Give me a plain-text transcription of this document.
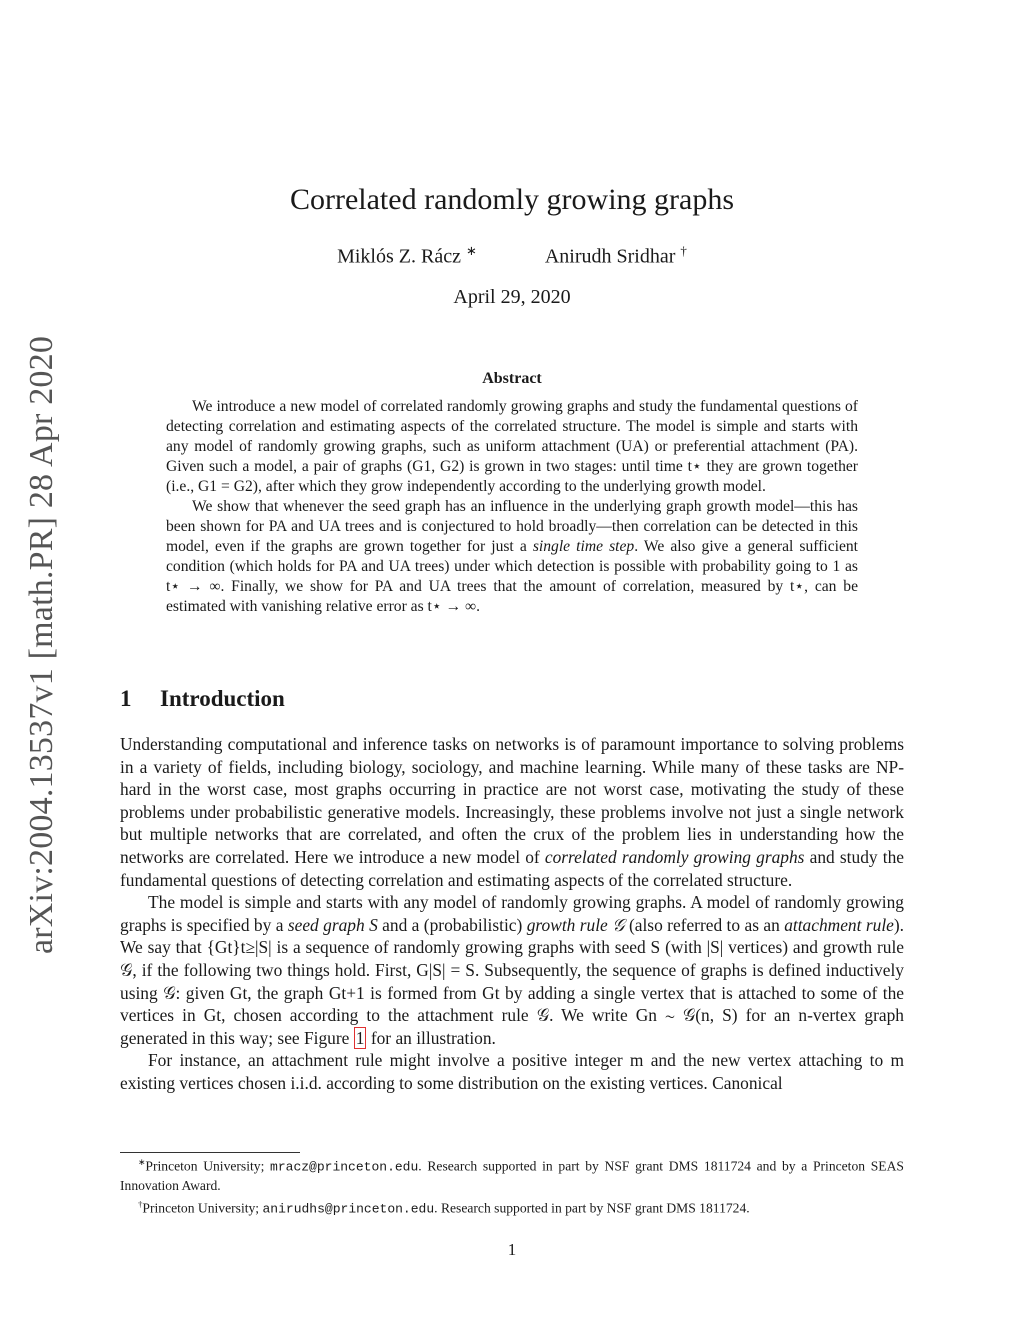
arXiv:2004.13537v1 [math.PR] 28 Apr 2020
Correlated randomly growing graphs
Miklós Z. Rácz ∗	Anirudh Sridhar †
April 29, 2020
Abstract

We introduce a new model of correlated randomly growing graphs and study the fundamental questions of detecting correlation and estimating aspects of the correlated structure. The model is simple and starts with any model of randomly growing graphs, such as uniform attachment (UA) or preferential attachment (PA). Given such a model, a pair of graphs (G1, G2) is grown in two stages: until time t⋆ they are grown together (i.e., G1 = G2), after which they grow independently according to the underlying growth model.

We show that whenever the seed graph has an influence in the underlying graph growth model—this has been shown for PA and UA trees and is conjectured to hold broadly—then correlation can be detected in this model, even if the graphs are grown together for just a single time step. We also give a general sufficient condition (which holds for PA and UA trees) under which detection is possible with probability going to 1 as t⋆ → ∞. Finally, we show for PA and UA trees that the amount of correlation, measured by t⋆, can be estimated with vanishing relative error as t⋆ → ∞.

1 Introduction

Understanding computational and inference tasks on networks is of paramount importance to solving problems in a variety of fields, including biology, sociology, and machine learning. While many of these tasks are NP-hard in the worst case, most graphs occurring in practice are not worst case, motivating the study of these problems under probabilistic generative models. Increasingly, these problems involve not just a single network but multiple networks that are correlated, and often the crux of the problem lies in understanding how the networks are correlated. Here we introduce a new model of correlated randomly growing graphs and study the fundamental questions of detecting correlation and estimating aspects of the correlated structure.

The model is simple and starts with any model of randomly growing graphs. A model of randomly growing graphs is specified by a seed graph S and a (probabilistic) growth rule 𝒢 (also referred to as an attachment rule). We say that {Gt}t≥|S| is a sequence of randomly growing graphs with seed S (with |S| vertices) and growth rule 𝒢, if the following two things hold. First, G|S| = S. Subsequently, the sequence of graphs is defined inductively using 𝒢: given Gt, the graph Gt+1 is formed from Gt by adding a single vertex that is attached to some of the vertices in Gt, chosen according to the attachment rule 𝒢. We write Gn ∼ 𝒢(n, S) for an n-vertex graph generated in this way; see Figure 1 for an illustration.

For instance, an attachment rule might involve a positive integer m and the new vertex attaching to m existing vertices chosen i.i.d. according to some distribution on the existing vertices. Canonical

∗Princeton University; mracz@princeton.edu. Research supported in part by NSF grant DMS 1811724 and by a Princeton SEAS Innovation Award.

†Princeton University; anirudhs@princeton.edu. Research supported in part by NSF grant DMS 1811724.

1
